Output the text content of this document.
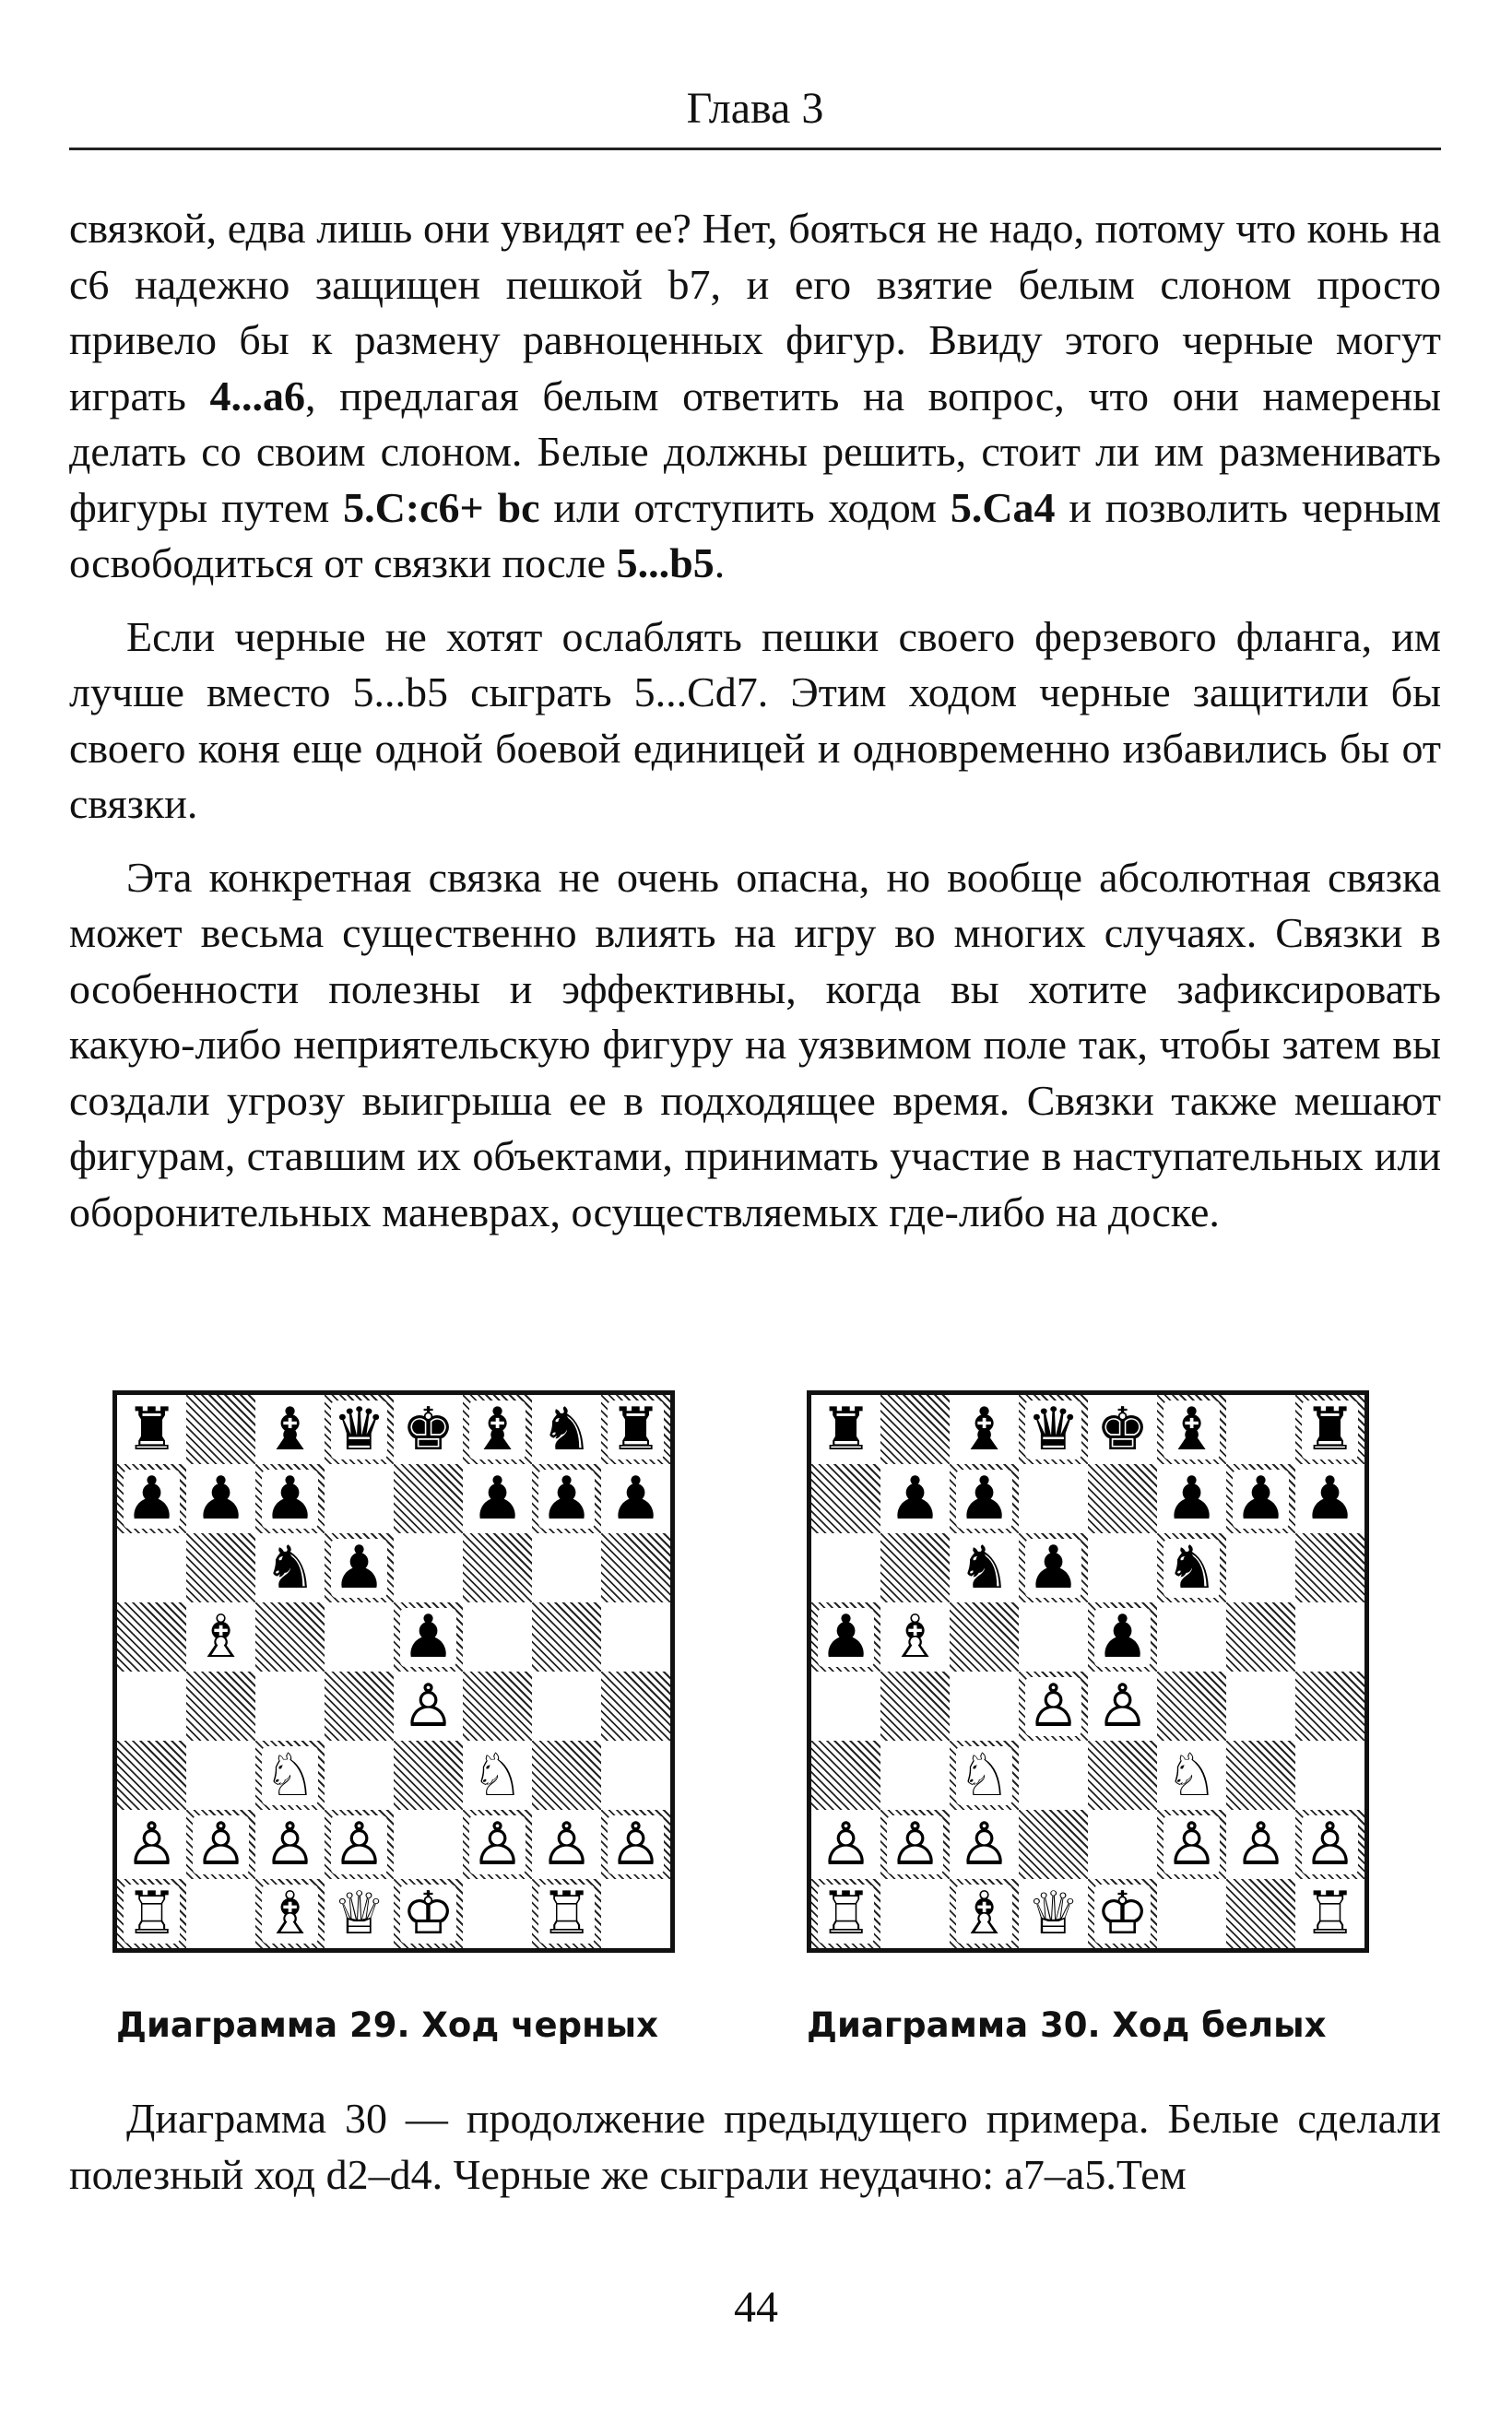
Глава 3

связкой, едва лишь они увидят ее? Нет, бояться не надо, потому что конь на c6 надежно защищен пешкой b7, и его взятие белым слоном просто привело бы к размену равноценных фигур. Ввиду этого черные могут играть 4...a6, предлагая белым ответить на вопрос, что они намерены делать со своим слоном. Белые должны решить, стоит ли им разменивать фигуры путем 5.С:c6+ bc или отступить ходом 5.Ca4 и позволить черным освободиться от связки после 5...b5.

Если черные не хотят ослаблять пешки своего ферзевого фланга, им лучше вместо 5...b5 сыграть 5...Cd7. Этим ходом черные защитили бы своего коня еще одной боевой единицей и одновременно избавились бы от связки.

Эта конкретная связка не очень опасна, но вообще абсолютная связка может весьма существенно влиять на игру во многих случаях. Связки в особенности полезны и эффективны, когда вы хотите зафиксировать какую-либо неприятельскую фигуру на уязвимом поле так, чтобы затем вы создали угрозу выигрыша ее в подходящее время. Связки также мешают фигурам, ставшим их объектами, принимать участие в наступательных или оборонительных маневрах, осуществляемых где-либо на доске.

♜ ♝ ♛ ♚ ♝ ♞ ♜
♟ ♟ ♟	♟ ♟ ♟
♞ ♟
♗	♟
♙
♘	♘
♙ ♙ ♙ ♙ ♙ ♙ ♙
♖ ♗ ♕ ♔ ♖
♜ ♝ ♛ ♚ ♝ ♜
♟ ♟	♟ ♟ ♟
♞ ♟ ♞
♟ ♗	♟
♙ ♙
♘	♘
♙ ♙ ♙	♙ ♙ ♙
♖ ♗ ♕ ♔	♖
Диаграмма 29. Ход черных	Диаграмма 30. Ход белых

Диаграмма 30 — продолжение предыдущего примера. Белые сделали полезный ход d2–d4. Черные же сыграли неудачно: a7–a5.Тем

44
